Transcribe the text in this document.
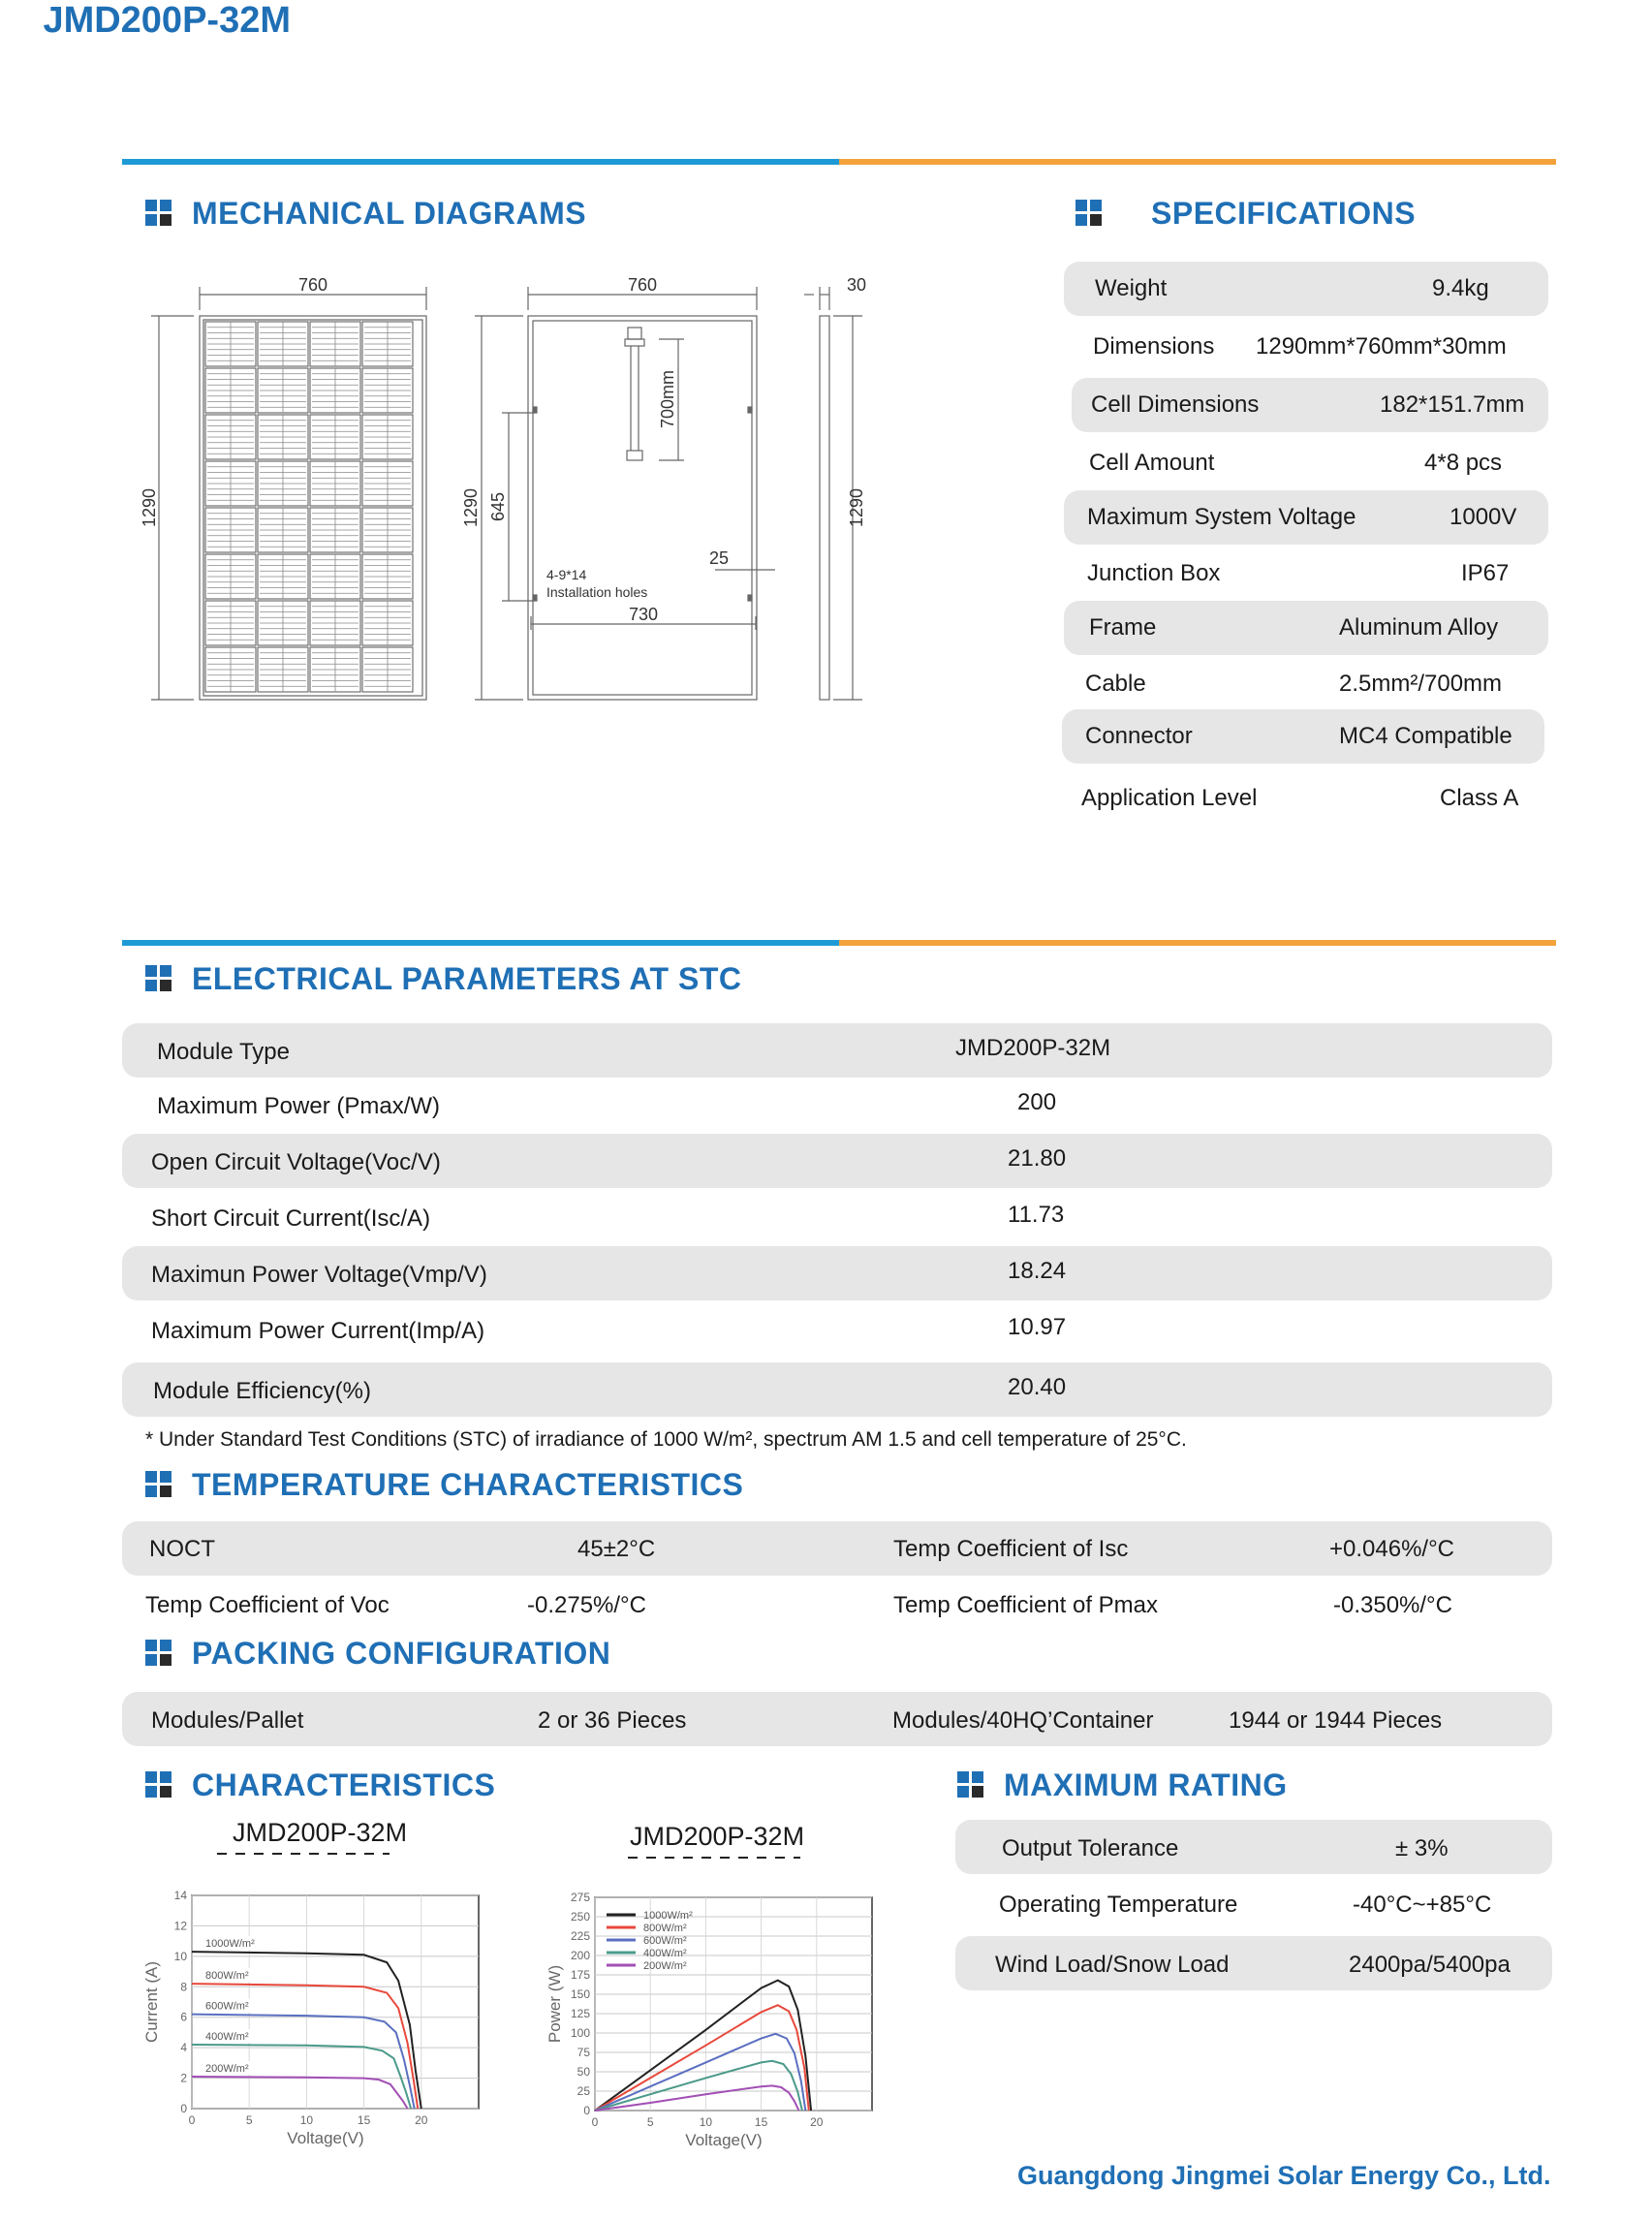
JMD200P-32M
MECHANICAL DIAGRAMS
760
1290
760
1290 645
700mm
30
1290
25
730
4-9*14
Installation holes
SPECIFICATIONS
Weight	9.4kg
Dimensions 1290mm*760mm*30mm
Cell Dimensions	182*151.7mm
Cell Amount	4*8 pcs
Maximum System Voltage	1000V
Junction Box	IP67
Frame	Aluminum Alloy
Cable	2.5mm²/700mm
Connector	MC4 Compatible
Application Level	Class A
ELECTRICAL PARAMETERS AT STC
Module Type	JMD200P-32M
Maximum Power (Pmax/W)	200
Open Circuit Voltage(Voc/V)	21.80
Short Circuit Current(Isc/A)	11.73
Maximun Power Voltage(Vmp/V)	18.24
Maximum Power Current(Imp/A)	10.97
Module Efficiency(%)	20.40
* Under Standard Test Conditions (STC) of irradiance of 1000 W/m², spectrum AM 1.5 and cell temperature of 25°C.
TEMPERATURE CHARACTERISTICS
NOCT	45±2°C	Temp Coefficient of Isc	+0.046%/°C
Temp Coefficient of Voc	-0.275%/°C	Temp Coefficient of Pmax	-0.350%/°C
PACKING CONFIGURATION
Modules/Pallet	2 or 36 Pieces	Modules/40HQ’Container	1944 or 1944 Pieces
CHARACTERISTICS
JMD200P-32M	JMD200P-32M
0
2
4
6
8
10
12
14
0	5	10	15	20
Voltage(V)
Current (A)
1000W/m²
800W/m²
600W/m²
400W/m²
200W/m²
0
25
50
75
100
125
150
175
200
225
250
275
0	5	10	15	20
Voltage(V)
Power (W)
1000W/m²
800W/m²
600W/m²
400W/m²
200W/m²
MAXIMUM RATING
Output Tolerance	± 3%
Operating Temperature	-40°C~+85°C
Wind Load/Snow Load	2400pa/5400pa
Guangdong Jingmei Solar Energy Co., Ltd.
